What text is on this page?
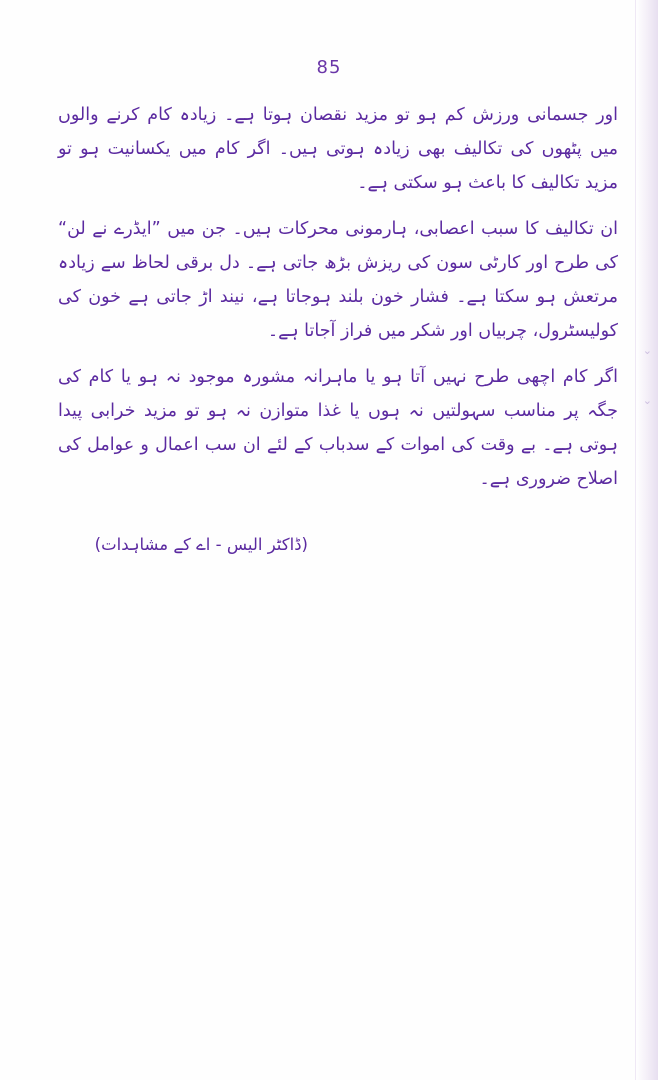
⌄
⌄
85

اور جسمانی ورزش کم ہو تو مزید نقصان ہوتا ہے۔ زیادہ کام کرنے والوں میں پٹھوں کی تکالیف بھی زیادہ ہوتی ہیں۔ اگر کام میں یکسانیت ہو تو مزید تکالیف کا باعث ہو سکتی ہے۔

ان تکالیف کا سبب اعصابی، ہارمونی محرکات ہیں۔ جن میں ”ایڈرے نے لن“ کی طرح اور کارٹی سون کی ریزش بڑھ جاتی ہے۔ دل برقی لحاظ سے زیادہ مرتعش ہو سکتا ہے۔ فشار خون بلند ہوجاتا ہے، نیند اڑ جاتی ہے خون کی کولیسٹرول، چربیاں اور شکر میں فراز آجاتا ہے۔

اگر کام اچھی طرح نہیں آتا ہو یا ماہرانہ مشورہ موجود نہ ہو یا کام کی جگہ پر مناسب سہولتیں نہ ہوں یا غذا متوازن نہ ہو تو مزید خرابی پیدا ہوتی ہے۔ بے وقت کی اموات کے سدباب کے لئے ان سب اعمال و عوامل کی اصلاح ضروری ہے۔

(ڈاکٹر الیس - اے کے مشاہدات)
